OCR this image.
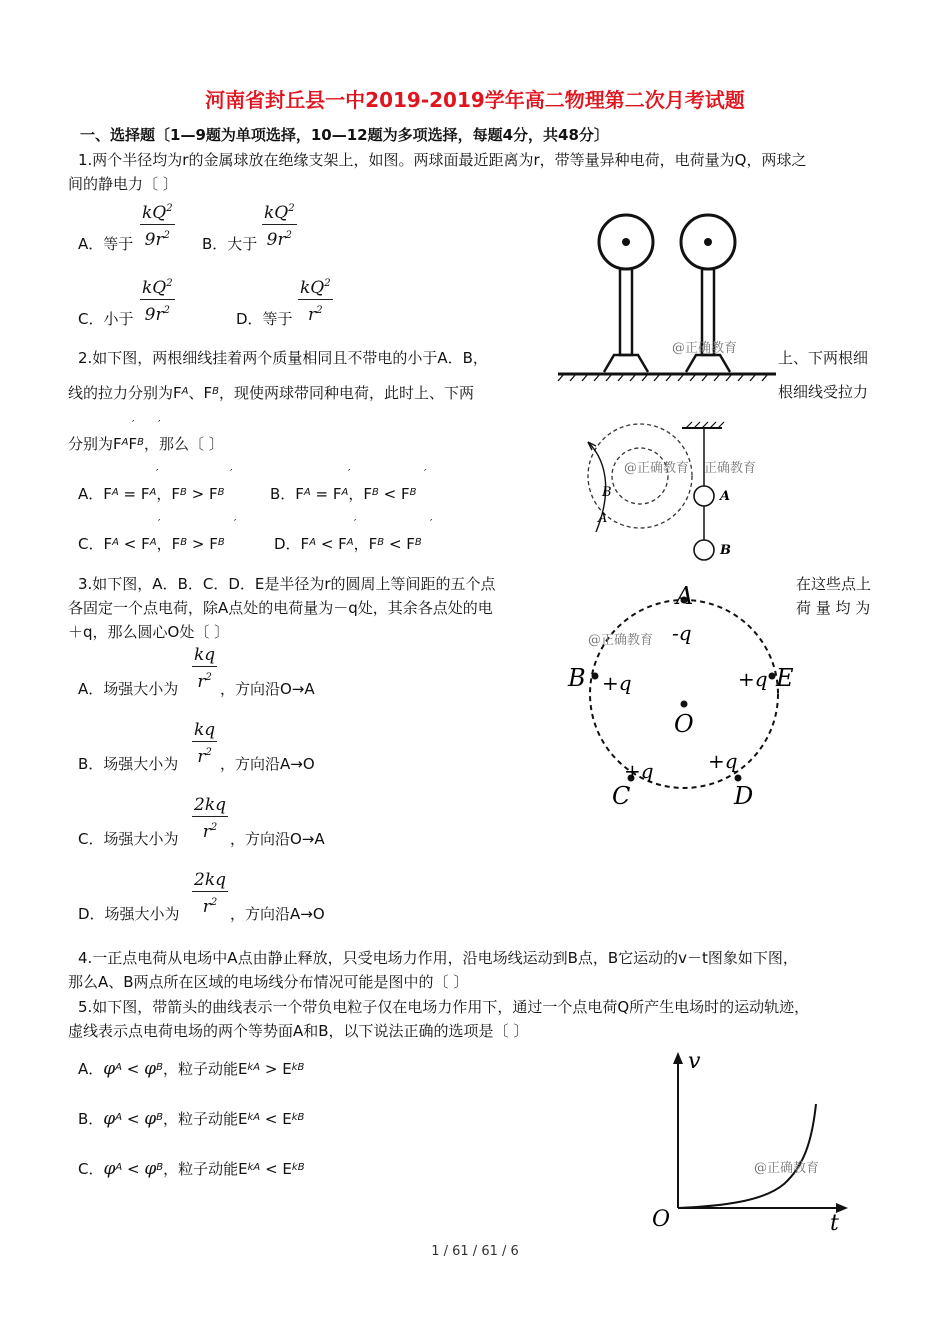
河南省封丘县一中2019-2019学年高二物理第二次月考试题
一、选择题〔1—9题为单项选择，10—12题为多项选择，每题4分，共48分〕
1.两个半径均为r的金属球放在绝缘支架上，如图。两球面最近距离为r，带等量异种电荷，电荷量为Q，两球之
间的静电力〔 〕
A．等于 $\frac{kQ^2}{9r^2}$ B．大于 $\frac{kQ^2}{9r^2}$
C．小于 $\frac{kQ^2}{9r^2}$	D．等于 $\frac{kQ^2}{r^2}$
@正确教育
2.如下图，两根细线挂着两个质量相同且不带电的小于A．B，	上、下两根细
线的拉力分别为$F_A$、$F_B$，现使两球带同种电荷，此时上、下两	根细线受拉力
分别为$F_AF_B$，那么〔 〕
′ ′
A．$F_A = F_A$，$F_B > F_B$	B．$F_A = F_A$，$F_B < F_B$
′	′	′	′
C．$F_A < F_A$，$F_B > F_B$	D．$F_A < F_A$，$F_B < F_B$
′	′	′	′	A
B	A
B
@正确教育 正确教育
3.如下图，A．B．C．D．E是半径为r的圆周上等间距的五个点	在这些点上
各固定一个点电荷，除A点处的电荷量为－q处，其余各点处的电	荷 量 均 为
＋q，那么圆心O处〔 〕
A．场强大小为 $\frac{kq}{r^2}$ ，方向沿O→A
B．场强大小为 $\frac{kq}{r^2}$ ，方向沿A→O
C．场强大小为 $\frac{2kq}{r^2}$ ，方向沿O→A
D．场强大小为 $\frac{2kq}{r^2}$ ，方向沿A→O
A
-q
B +q	E
+q
O
+q
C
+q
D
@正确教育
4.一正点电荷从电场中A点由静止释放，只受电场力作用，沿电场线运动到B点，B它运动的v－t图象如下图，
那么A、B两点所在区域的电场线分布情况可能是图中的〔 〕
5.如下图，带箭头的曲线表示一个带负电粒子仅在电场力作用下，通过一个点电荷Q所产生电场时的运动轨迹，
虚线表示点电荷电场的两个等势面A和B，以下说法正确的选项是〔 〕
A．$\varphi_A < \varphi_B$，粒子动能$E_{kA} > E_{kB}$
B．$\varphi_A < \varphi_B$，粒子动能$E_{kA} < E_{kB}$
C．$\varphi_A < \varphi_B$，粒子动能$E_{kA} < E_{kB}$
v
t
O
@正确教育
1 / 61 / 61 / 6
